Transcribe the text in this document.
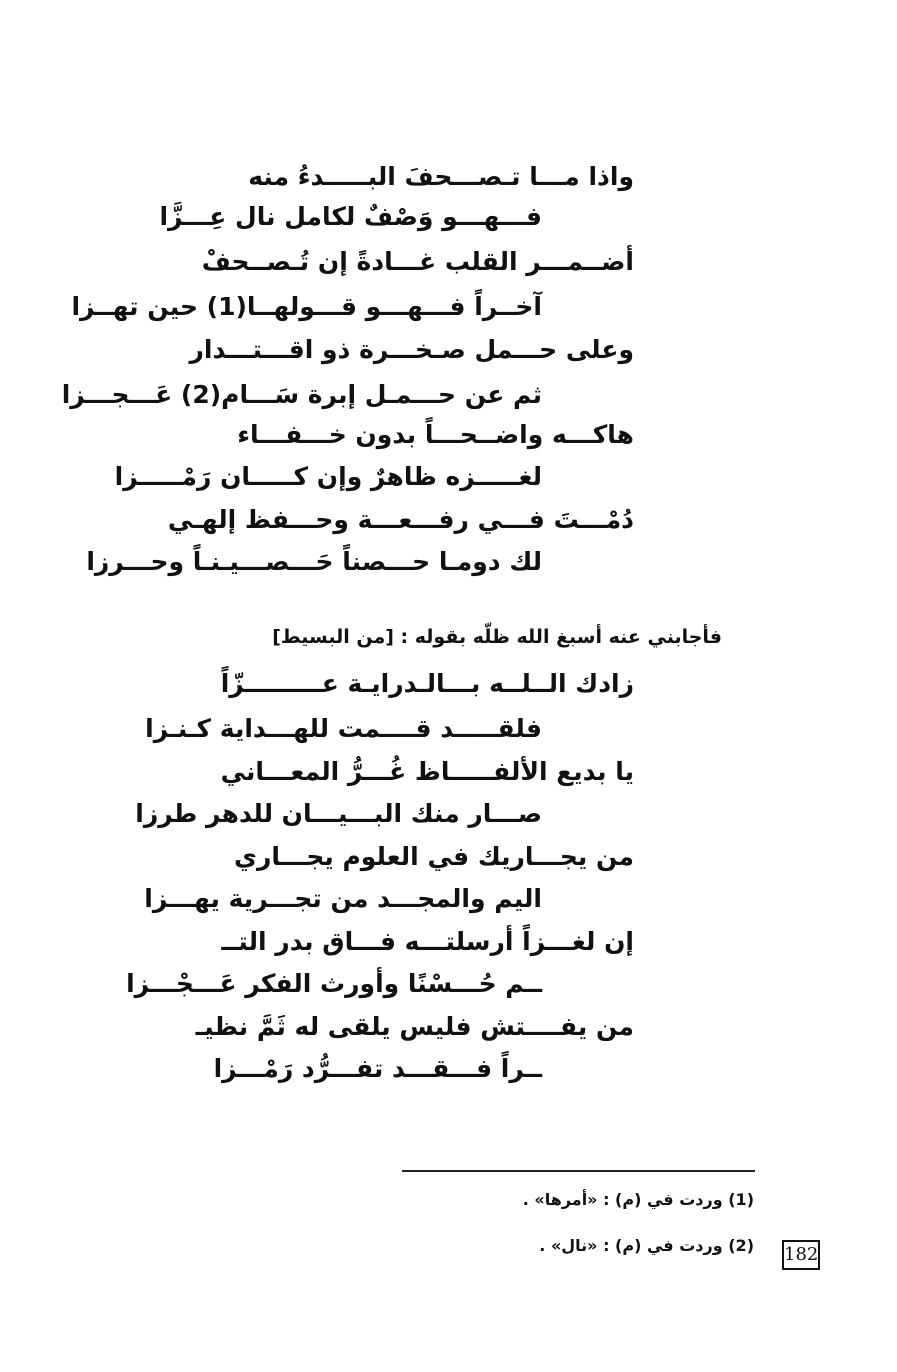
واذا مـــا تـصـــحفَ البـــــدءُ منه
فـــهـــو وَصْفٌ لكامل نال عِـــزَّا
أضــمـــر القلب غـــادةً إن تُـصــحفْ
آخــراً فـــهـــو قـــولهــا(1) حين تهــزا
وعلى حـــمل صـخـــرة ذو اقـــتـــدار
ثم عن حـــمـل إبرة سَـــام(2) عَـــجـــزا
هاكـــه واضــحـــاً بدون خـــفـــاء
لغـــــزه ظاهرٌ وإن كـــــان رَمْـــــزا
دُمْـــتَ فـــي رفـــعـــة وحـــفظ إلهـي
لك دومـا حـــصناً حَـــصـــيـنـاً وحـــرزا
فأجابني عنه أسبغ الله ظلّه بقوله : [من البسيط]
زادك الــلــه بـــالـدرايـة عـــــــــزّاً
فلقـــــد قــــمت للهـــداية كـنـزا
يا بديع الألفـــــاظ غُـــرُّ المعـــاني
صـــار منك البـــيـــان للدهر طرزا
من يجـــاريك في العلوم يجـــاري
اليم والمجـــد من تجـــرية يهـــزا
إن لغـــزاً أرسلتـــه فـــاق بدر التــ
ــم حُـــسْنًا وأورث الفكر عَـــجْـــزا
من يفــــتش فليس يلقى له ثَمَّ نظيـ
ــراً فـــقـــد تفـــرُّد رَمْـــزا
(1) وردت في (م) : «أمرها» .
(2) وردت في (م) : «نال» . 182
